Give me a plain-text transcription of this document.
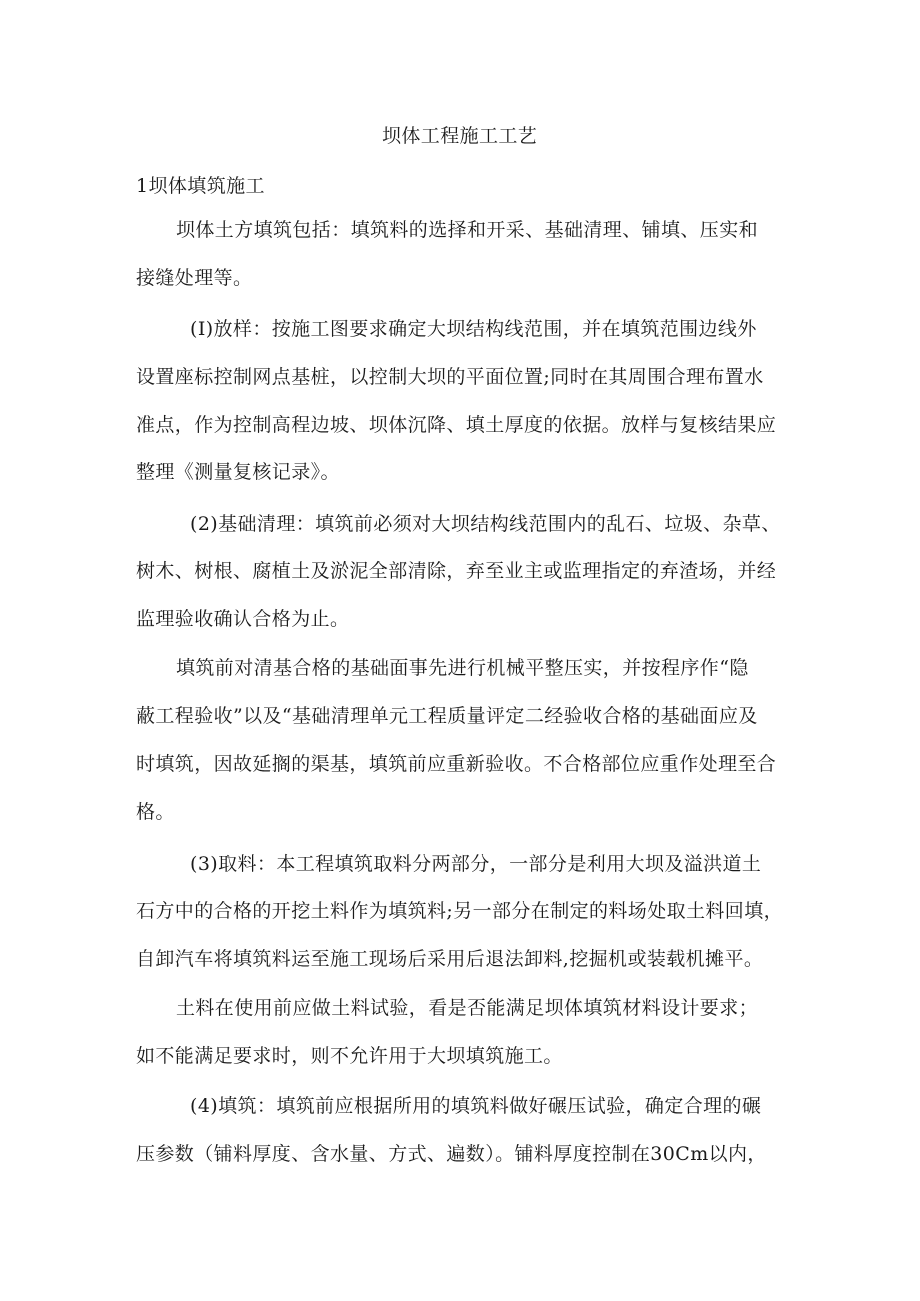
坝体工程施工工艺
1坝体填筑施工
坝体土方填筑包括：填筑料的选择和开采、基础清理、铺填、压实和
接缝处理等。
(I)放样：按施工图要求确定大坝结构线范围，并在填筑范围边线外
设置座标控制网点基桩，以控制大坝的平面位置;同时在其周围合理布置水
准点，作为控制高程边坡、坝体沉降、填土厚度的依据。放样与复核结果应
整理《测量复核记录》。
(2)基础清理：填筑前必须对大坝结构线范围内的乱石、垃圾、杂草、
树木、树根、腐植土及淤泥全部清除，弃至业主或监理指定的弃渣场，并经
监理验收确认合格为止。
填筑前对清基合格的基础面事先进行机械平整压实，并按程序作“隐
蔽工程验收”以及“基础清理单元工程质量评定二经验收合格的基础面应及
时填筑，因故延搁的渠基，填筑前应重新验收。不合格部位应重作处理至合
格。
(3)取料：本工程填筑取料分两部分，一部分是利用大坝及溢洪道土
石方中的合格的开挖土料作为填筑料;另一部分在制定的料场处取土料回填，
自卸汽车将填筑料运至施工现场后采用后退法卸料,挖掘机或装载机摊平。
土料在使用前应做土料试验，看是否能满足坝体填筑材料设计要求；
如不能满足要求时，则不允许用于大坝填筑施工。
(4)填筑：填筑前应根据所用的填筑料做好碾压试验，确定合理的碾
压参数（铺料厚度、含水量、方式、遍数）。铺料厚度控制在30Cm以内，
